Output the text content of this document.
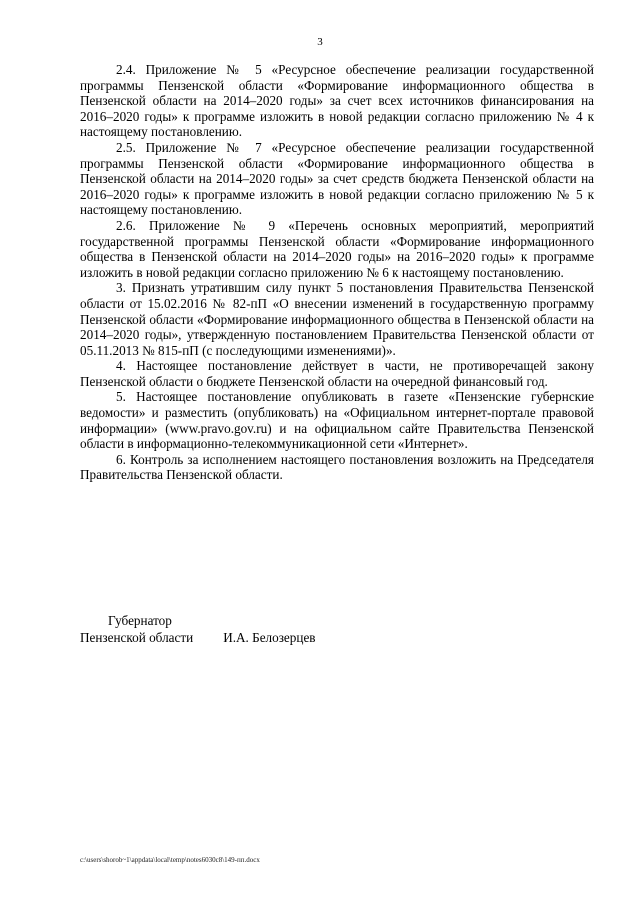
3

2.4. Приложение № 5 «Ресурсное обеспечение реализации государственной программы Пензенской области «Формирование информационного общества в Пензенской области на 2014–2020 годы» за счет всех источников финансирования на 2016–2020 годы» к программе изложить в новой редакции согласно приложению № 4 к настоящему постановлению.

2.5. Приложение № 7 «Ресурсное обеспечение реализации государственной программы Пензенской области «Формирование информационного общества в Пензенской области на 2014–2020 годы» за счет средств бюджета Пензенской области на 2016–2020 годы» к программе изложить в новой редакции согласно приложению № 5 к настоящему постановлению.

2.6. Приложение № 9 «Перечень основных мероприятий, мероприятий государственной программы Пензенской области «Формирование информационного общества в Пензенской области на 2014–2020 годы» на 2016–2020 годы» к программе изложить в новой редакции согласно приложению № 6 к настоящему постановлению.

3. Признать утратившим силу пункт 5 постановления Правительства Пензенской области от 15.02.2016 № 82-пП «О внесении изменений в государственную программу Пензенской области «Формирование информационного общества в Пензенской области на 2014–2020 годы», утвержденную постановлением Правительства Пензенской области от 05.11.2013 № 815-пП (с последующими изменениями)».

4. Настоящее постановление действует в части, не противоречащей закону Пензенской области о бюджете Пензенской области на очередной финансовый год.

5. Настоящее постановление опубликовать в газете «Пензенские губернские ведомости» и разместить (опубликовать) на «Официальном интернет-портале правовой информации» (www.pravo.gov.ru) и на официальном сайте Правительства Пензенской области в информационно-телекоммуникационной сети «Интернет».

6. Контроль за исполнением настоящего постановления возложить на Председателя Правительства Пензенской области.

Губернатор
Пензенской области И.А. Белозерцев
c:\users\shorob~1\appdata\local\temp\notes6030c8\149-пп.docx
